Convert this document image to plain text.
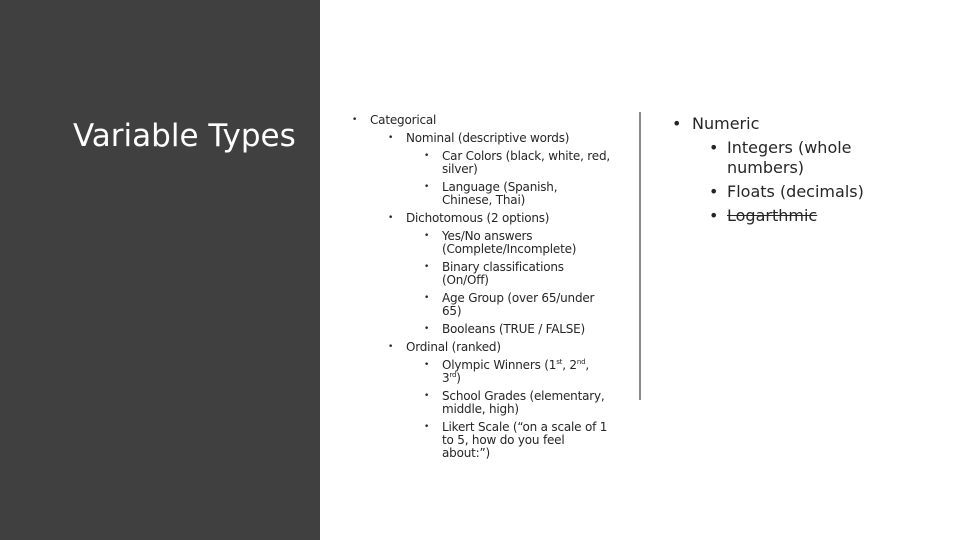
Variable Types	• Categorical
• Nominal (descriptive words)
• Car Colors (black, white, red, silver)
• Language (Spanish, Chinese, Thai)
• Dichotomous (2 options)
• Yes/No answers (Complete/Incomplete)
• Binary classifications (On/Off)
• Age Group (over 65/under 65)
• Booleans (TRUE / FALSE)
• Ordinal (ranked)
• Olympic Winners (1st, 2nd, 3rd)
• School Grades (elementary, middle, high)
• Likert Scale (“on a scale of 1 to 5, how do you feel about:”)
• Numeric
• Integers (whole numbers)
• Floats (decimals)
• Logarthmic
